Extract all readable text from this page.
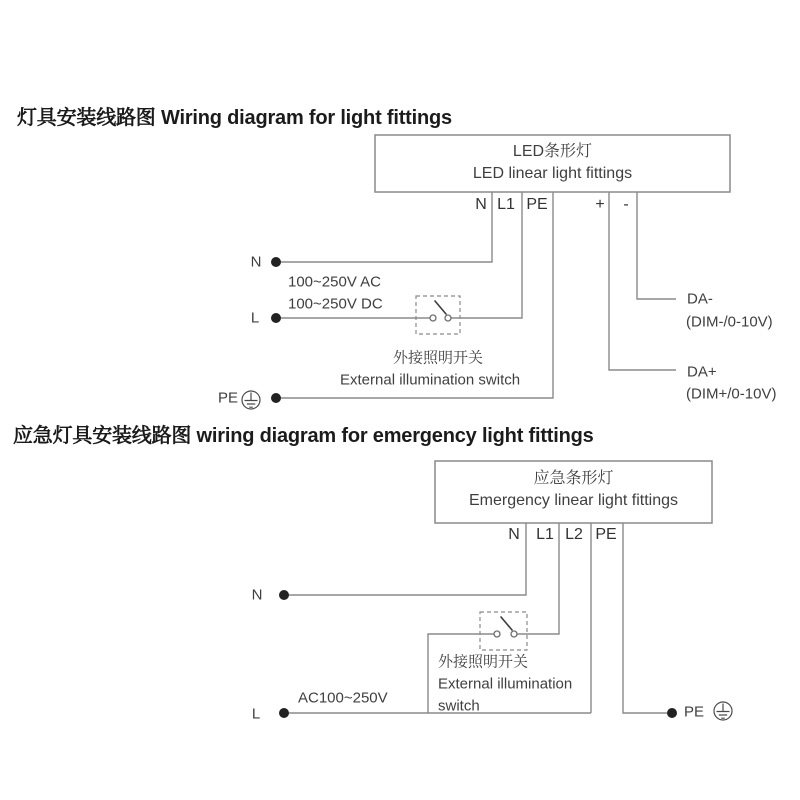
灯具安装线路图 Wiring diagram for light fittings
LED条形灯
LED linear light fittings
N L1 PE	+ -
N
L
PE
100~250V AC
100~250V DC
外接照明开关
External illumination switch
DA-
(DIM-/0-10V)
DA+
(DIM+/0-10V)
应急灯具安装线路图 wiring diagram for emergency light fittings
应急条形灯
Emergency linear light fittings
N L1 L2 PE
N
L
AC100~250V
外接照明开关
External illumination
switch	PE
